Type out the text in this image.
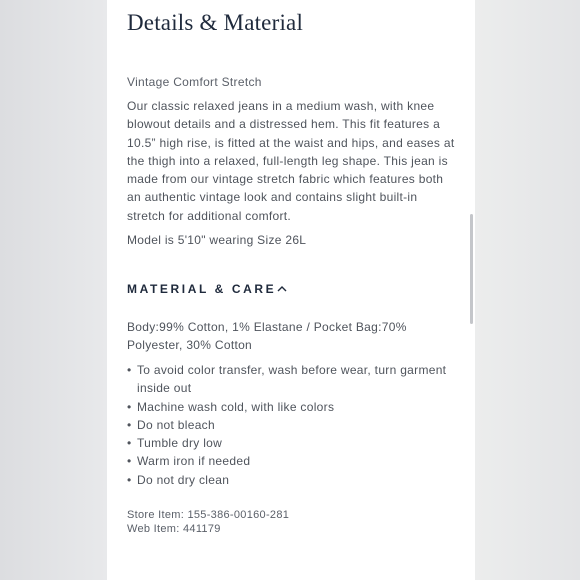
Details & Material
Vintage Comfort Stretch

Our classic relaxed jeans in a medium wash, with knee blowout details and a distressed hem. This fit features a 10.5” high rise, is fitted at the waist and hips, and eases at the thigh into a relaxed, full-length leg shape. This jean is made from our vintage stretch fabric which features both an authentic vintage look and contains slight built-in stretch for additional comfort.

Model is 5'10" wearing Size 26L
MATERIAL & CARE

Body:99% Cotton, 1% Elastane / Pocket Bag:70% Polyester, 30% Cotton

• To avoid color transfer, wash before wear, turn garment inside out
• Machine wash cold, with like colors
• Do not bleach
• Tumble dry low
• Warm iron if needed
• Do not dry clean
Store Item: 155-386-00160-281
Web Item: 441179
